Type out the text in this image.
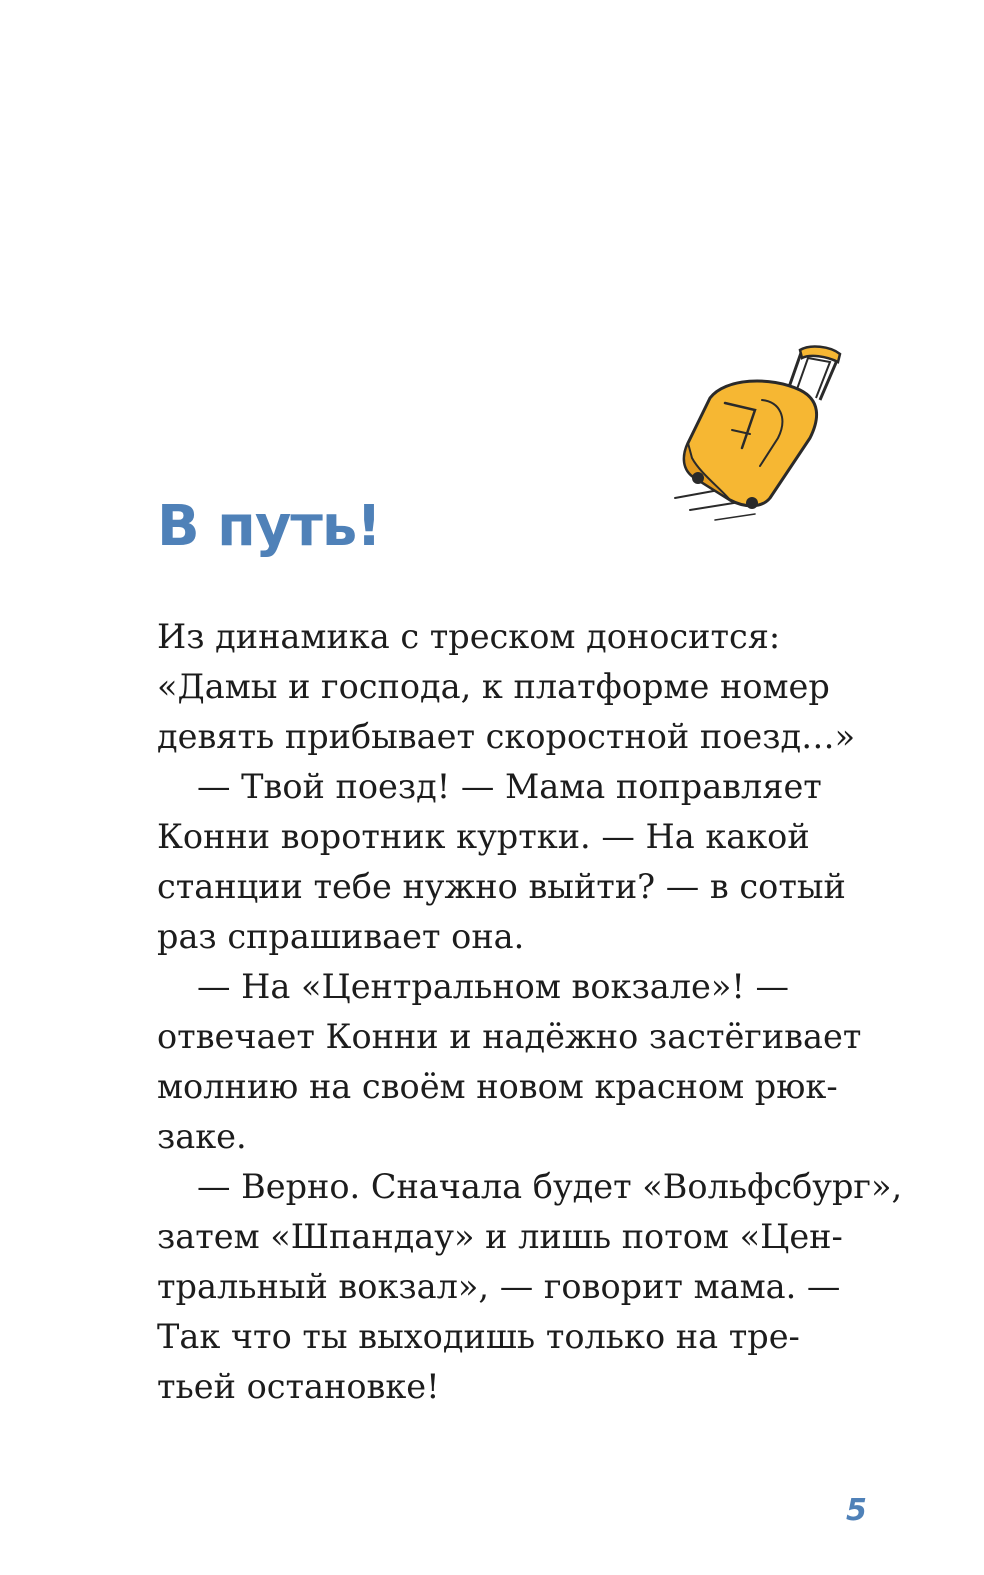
В путь!
Из динамика с треском доносится:
«Дамы и господа, к платформе номер
девять прибывает скоростной поезд…»
— Твой поезд! — Мама поправляет
Конни воротник куртки. — На какой
станции тебе нужно выйти? — в сотый
раз спрашивает она.
— На «Центральном вокзале»! —
отвечает Конни и надёжно застёгивает
молнию на своём новом красном рюк-
заке.
— Верно. Сначала будет «Вольфсбург»,
затем «Шпандау» и лишь потом «Цен-
тральный вокзал», — говорит мама. —
Так что ты выходишь только на тре-
тьей остановке!
5
